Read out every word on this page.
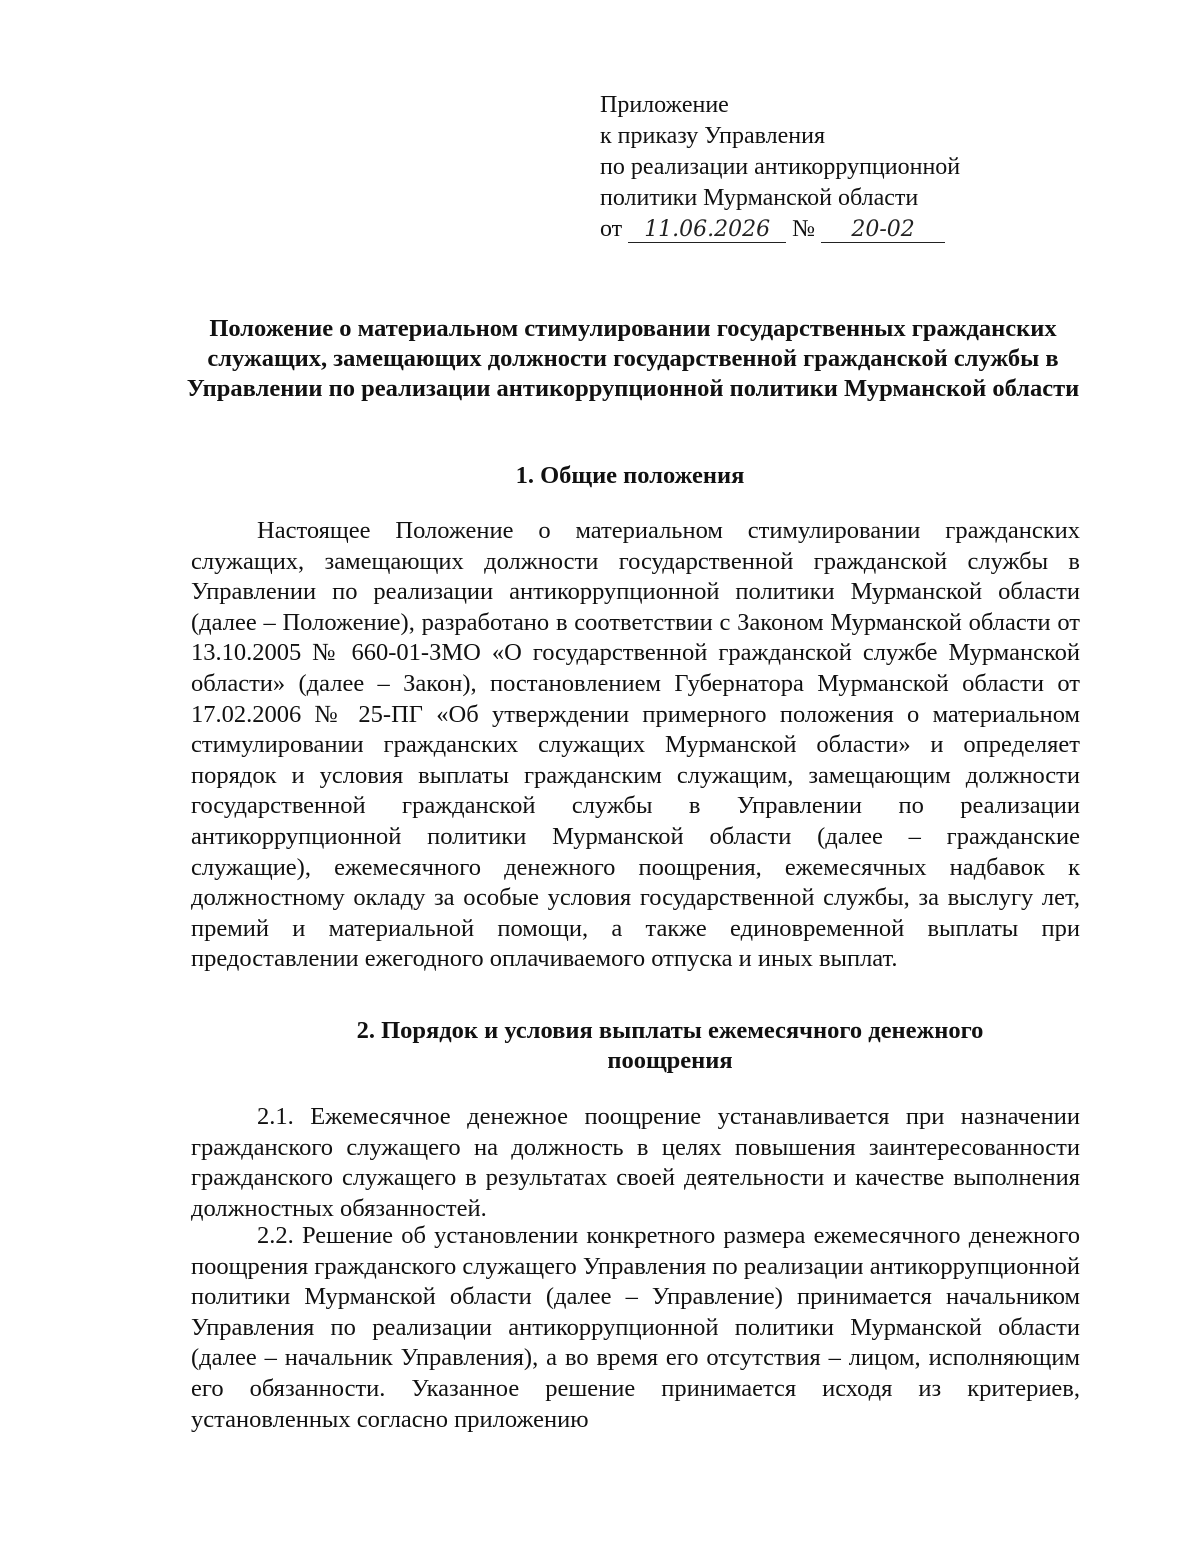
Приложение
к приказу Управления
по реализации антикоррупционной
политики Мурманской области
от 11.06.2026 № 20-02
Положение о материальном стимулировании государственных гражданских служащих, замещающих должности государственной гражданской службы в Управлении по реализации антикоррупционной политики Мурманской области
1. Общие положения
Настоящее Положение о материальном стимулировании гражданских служащих, замещающих должности государственной гражданской службы в Управлении по реализации антикоррупционной политики Мурманской области (далее – Положение), разработано в соответствии с Законом Мурманской области от 13.10.2005 № 660-01-ЗМО «О государственной гражданской службе Мурманской области» (далее – Закон), постановлением Губернатора Мурманской области от 17.02.2006 № 25-ПГ «Об утверждении примерного положения о материальном стимулировании гражданских служащих Мурманской области» и определяет порядок и условия выплаты гражданским служащим, замещающим должности государственной гражданской службы в Управлении по реализации антикоррупционной политики Мурманской области (далее – гражданские служащие), ежемесячного денежного поощрения, ежемесячных надбавок к должностному окладу за особые условия государственной службы, за выслугу лет, премий и материальной помощи, а также единовременной выплаты при предоставлении ежегодного оплачиваемого отпуска и иных выплат.
2. Порядок и условия выплаты ежемесячного денежного поощрения
2.1. Ежемесячное денежное поощрение устанавливается при назначении гражданского служащего на должность в целях повышения заинтересованности гражданского служащего в результатах своей деятельности и качестве выполнения должностных обязанностей.
2.2. Решение об установлении конкретного размера ежемесячного денежного поощрения гражданского служащего Управления по реализации антикоррупционной политики Мурманской области (далее – Управление) принимается начальником Управления по реализации антикоррупционной политики Мурманской области (далее – начальник Управления), а во время его отсутствия – лицом, исполняющим его обязанности. Указанное решение принимается исходя из критериев, установленных согласно приложению
